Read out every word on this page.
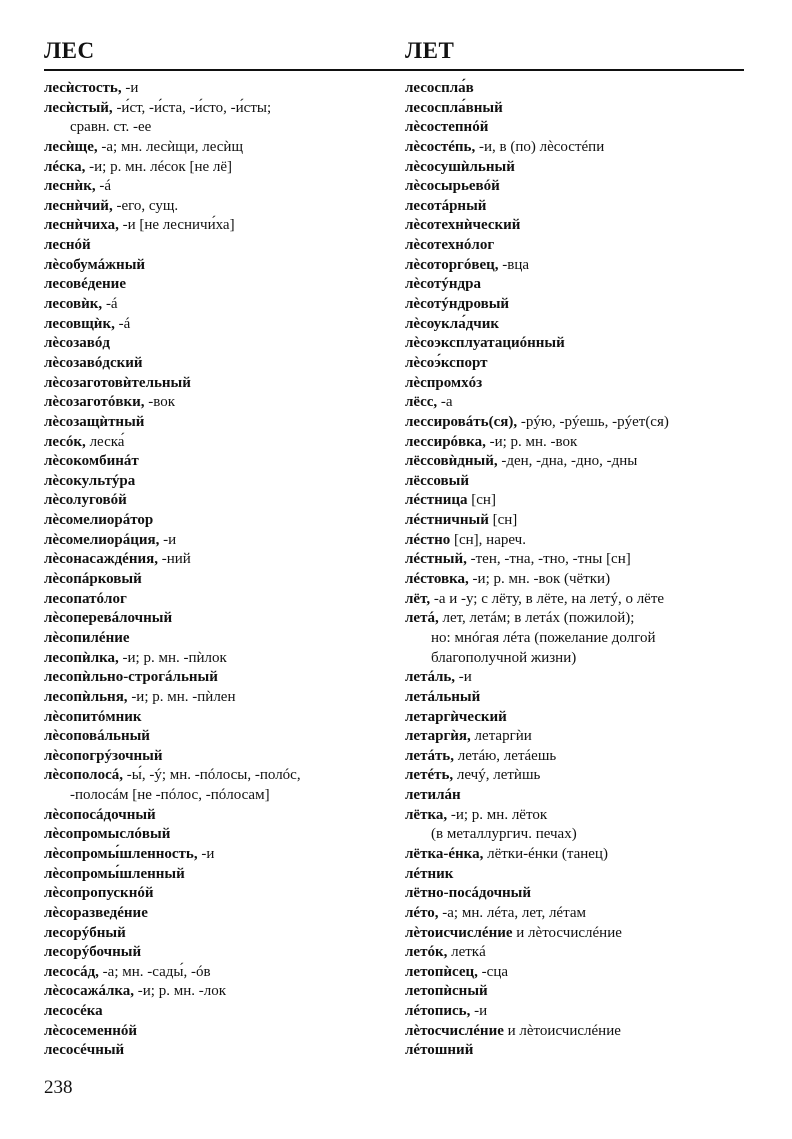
ЛЕС	ЛЕТ
лесѝстость, -и
лесѝстый, -и́ст, -и́ста, -и́сто, -и́сты;
сравн. ст. -ее
лесѝще, -а; мн. лесѝщи, лесѝщ
лéска, -и; р. мн. лéсок [не лё]
леснѝк, -á
леснѝчий, -его, сущ.
леснѝчиха, -и [не лесничи́ха]
леснóй
лѐсобумáжный
лесовéдение
лесовѝк, -á
лесовщѝк, -á
лѐсозавóд
лѐсозавóдский
лѐсозаготовѝтельный
лѐсозаготóвки, -вок
лѐсозащѝтный
лесóк, леска́
лѐсокомбинáт
лѐсокультýра
лѐсолуговóй
лѐсомелиорáтор
лѐсомелиорáция, -и
лѐсонасаждéния, -ний
лѐсопáрковый
лесопатóлог
лѐсоперевáлочный
лѐсопилéние
лесопѝлка, -и; р. мн. -пѝлок
лесопѝльно-строгáльный
лесопѝльня, -и; р. мн. -пѝлен
лѐсопитóмник
лѐсоповáльный
лѐсопогрýзочный
лѐсополосá, -ы́, -ý; мн. -пóлосы, -полóс,
-полосáм [не -пóлос, -пóлосам]
лѐсопосáдочный
лѐсопромыслóвый
лѐсопромы́шленность, -и
лѐсопромы́шленный
лѐсопропускнóй
лѐсоразведéние
лесорýбный
лесорýбочный
лесосáд, -а; мн. -сады́, -óв
лѐсосажáлка, -и; р. мн. -лок
лесосéка
лѐсосеменнóй
лесосéчный
лесоспла́в
лесоспла́вный
лѐсостепнóй
лѐсостéпь, -и, в (по) лѐсостéпи
лѐсосушѝльный
лѐсосырьевóй
лесотáрный
лѐсотехнѝческий
лѐсотехнóлог
лѐсоторгóвец, -вца
лѐсотýндра
лѐсотýндровый
лѐсоукла́дчик
лѐсоэксплуатациóнный
лѐсоэ́кспорт
лѐспромхóз
лёсс, -а
лессировáть(ся), -рýю, -рýешь, -рýет(ся)
лессирóвка, -и; р. мн. -вок
лёссовѝдный, -ден, -дна, -дно, -дны
лёссовый
лéстница [сн]
лéстничный [сн]
лéстно [сн], нареч.
лéстный, -тен, -тна, -тно, -тны [сн]
лéстовка, -и; р. мн. -вок (чётки)
лёт, -а и -у; с лёту, в лёте, на летý, о лёте
летá, лет, летáм; в летáх (пожилой);
но: мнóгая лéта (пожелание долгой
благополучной жизни)
летáль, -и
летáльный
летаргѝческий
летаргѝя, летаргѝи
летáть, летáю, летáешь
летéть, лечý, летѝшь
летилáн
лётка, -и; р. мн. лёток
(в металлургич. печах)
лётка-éнка, лётки-éнки (танец)
лéтник
лётно-посáдочный
лéто, -а; мн. лéта, лет, лéтам
лѐтоисчислéние и лѐтосчислéние
летóк, леткá
летопѝсец, -сца
летопѝсный
лéтопись, -и
лѐтосчислéние и лѐтоисчислéние
лéтошний
238
